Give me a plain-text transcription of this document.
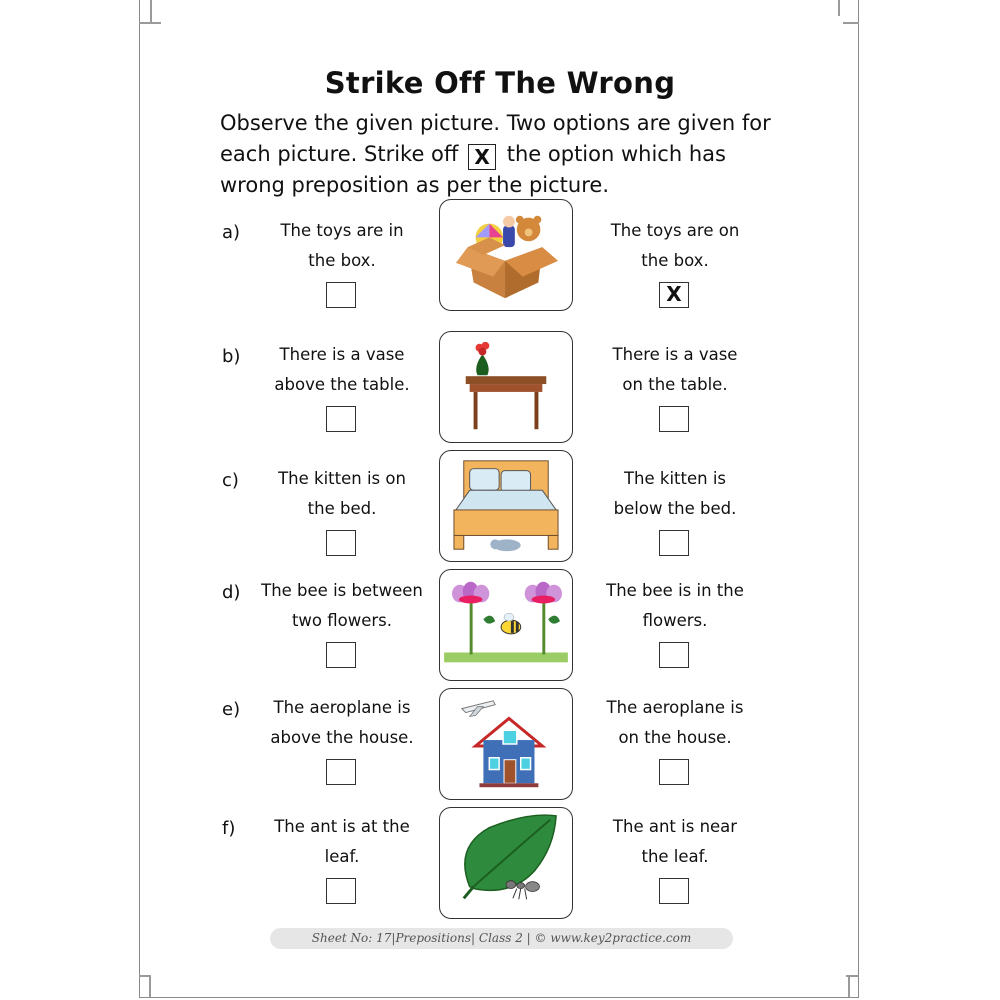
Strike Off The Wrong
Observe the given picture. Two options are given for each picture. Strike off X the option which has wrong preposition as per the picture.
a)	The toys are in
the box.
The toys are on
the box.
X
b)	There is a vase
above the table.
There is a vase
on the table.
c)	The kitten is on
the bed.
The kitten is
below the bed.
d)	The bee is between
two flowers.
The bee is in the
flowers.
e)	The aeroplane is
above the house.
The aeroplane is
on the house.
f)	The ant is at the
leaf.
The ant is near
the leaf.
Sheet No: 17|Prepositions| Class 2 | © www.key2practice.com
